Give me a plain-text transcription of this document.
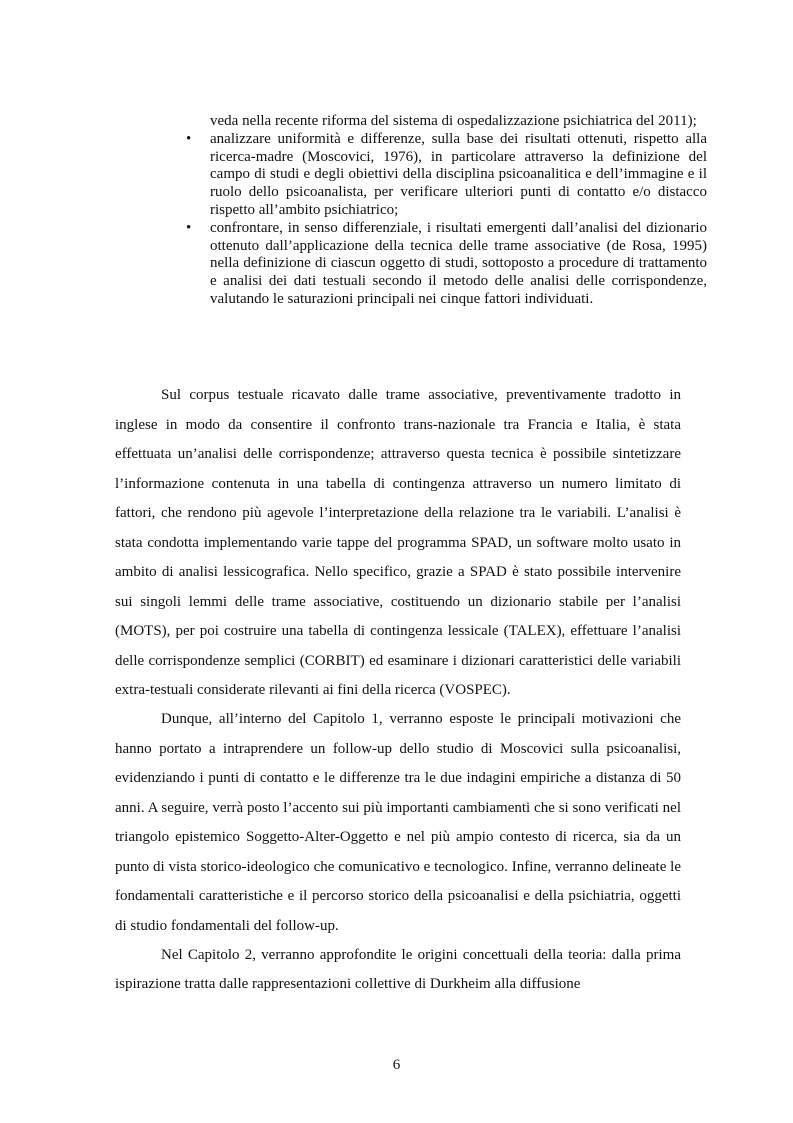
veda nella recente riforma del sistema di ospedalizzazione psichiatrica del 2011);
• analizzare uniformità e differenze, sulla base dei risultati ottenuti, rispetto alla ricerca-madre (Moscovici, 1976), in particolare attraverso la definizione del campo di studi e degli obiettivi della disciplina psicoanalitica e dell’immagine e il ruolo dello psicoanalista, per verificare ulteriori punti di contatto e/o distacco rispetto all’ambito psichiatrico;
• confrontare, in senso differenziale, i risultati emergenti dall’analisi del dizionario ottenuto dall’applicazione della tecnica delle trame associative (de Rosa, 1995) nella definizione di ciascun oggetto di studi, sottoposto a procedure di trattamento e analisi dei dati testuali secondo il metodo delle analisi delle corrispondenze, valutando le saturazioni principali nei cinque fattori individuati.

Sul corpus testuale ricavato dalle trame associative, preventivamente tradotto in inglese in modo da consentire il confronto trans-nazionale tra Francia e Italia, è stata effettuata un’analisi delle corrispondenze; attraverso questa tecnica è possibile sintetizzare l’informazione contenuta in una tabella di contingenza attraverso un numero limitato di fattori, che rendono più agevole l’interpretazione della relazione tra le variabili. L’analisi è stata condotta implementando varie tappe del programma SPAD, un software molto usato in ambito di analisi lessicografica. Nello specifico, grazie a SPAD è stato possibile intervenire sui singoli lemmi delle trame associative, costituendo un dizionario stabile per l’analisi (MOTS), per poi costruire una tabella di contingenza lessicale (TALEX), effettuare l’analisi delle corrispondenze semplici (CORBIT) ed esaminare i dizionari caratteristici delle variabili extra-testuali considerate rilevanti ai fini della ricerca (VOSPEC).

Dunque, all’interno del Capitolo 1, verranno esposte le principali motivazioni che hanno portato a intraprendere un follow-up dello studio di Moscovici sulla psicoanalisi, evidenziando i punti di contatto e le differenze tra le due indagini empiriche a distanza di 50 anni. A seguire, verrà posto l’accento sui più importanti cambiamenti che si sono verificati nel triangolo epistemico Soggetto-Alter-Oggetto e nel più ampio contesto di ricerca, sia da un punto di vista storico-ideologico che comunicativo e tecnologico. Infine, verranno delineate le fondamentali caratteristiche e il percorso storico della psicoanalisi e della psichiatria, oggetti di studio fondamentali del follow-up.

Nel Capitolo 2, verranno approfondite le origini concettuali della teoria: dalla prima ispirazione tratta dalle rappresentazioni collettive di Durkheim alla diffusione

6
